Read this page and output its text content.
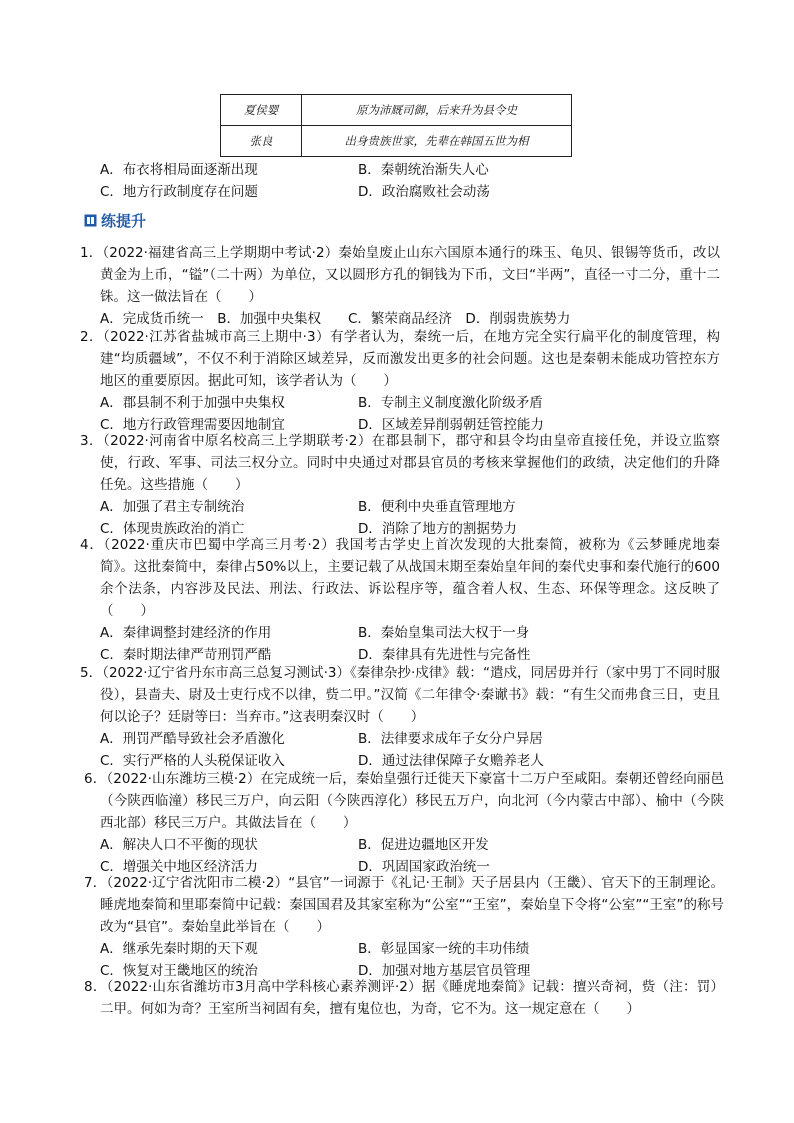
夏侯婴	原为沛厩司御，后来升为县令史
张良	出身贵族世家，先辈在韩国五世为相
A．布衣将相局面逐渐出现	B．秦朝统治渐失人心
C．地方行政制度存在问题	D．政治腐败社会动荡
练提升
1．（2022·福建省高三上学期期中考试·2）秦始皇废止山东六国原本通行的珠玉、龟贝、银锡等货币，改以黄金为上币，“镒”（二十两）为单位，又以圆形方孔的铜钱为下币，文曰“半两”，直径一寸二分，重十二铢。这一做法旨在（　　）
A．完成货币统一　B．加强中央集权　　C．繁荣商品经济　D．削弱贵族势力
2．（2022·江苏省盐城市高三上期中·3）有学者认为，秦统一后，在地方完全实行扁平化的制度管理，构建“均质疆域”，不仅不利于消除区域差异，反而激发出更多的社会问题。这也是秦朝未能成功管控东方地区的重要原因。据此可知，该学者认为（　　）
A．郡县制不利于加强中央集权	B．专制主义制度激化阶级矛盾
C．地方行政管理需要因地制宜	D．区域差异削弱朝廷管控能力
3．（2022·河南省中原名校高三上学期联考·2）在郡县制下，郡守和县令均由皇帝直接任免，并设立监察使，行政、军事、司法三权分立。同时中央通过对郡县官员的考核来掌握他们的政绩，决定他们的升降任免。这些措施（　　）
A．加强了君主专制统治	B．便利中央垂直管理地方
C．体现贵族政治的消亡	D．消除了地方的割据势力
4．（2022·重庆市巴蜀中学高三月考·2）我国考古学史上首次发现的大批秦简，被称为《云梦睡虎地秦简》。这批秦简中，秦律占50%以上，主要记载了从战国末期至秦始皇年间的秦代史事和秦代施行的600余个法条，内容涉及民法、刑法、行政法、诉讼程序等，蕴含着人权、生态、环保等理念。这反映了（　　）
A．秦律调整封建经济的作用	B．秦始皇集司法大权于一身
C．秦时期法律严苛刑罚严酷	D．秦律具有先进性与完备性
5．（2022·辽宁省丹东市高三总复习测试·3）《秦律杂抄·戍律》载：“遣戍，同居毋并行（家中男丁不同时服役），县啬夫、尉及士吏行戍不以律，赀二甲。”汉简《二年律令·秦谳书》载：“有生父而弗食三日，吏且何以论子？廷尉等曰：当弃市。”这表明秦汉时（　　）
A．刑罚严酷导致社会矛盾激化	B．法律要求成年子女分户异居
C．实行严格的人头税保证收入	D．通过法律保障子女赡养老人
6．（2022·山东潍坊三模·2）在完成统一后，秦始皇强行迁徙天下豪富十二万户至咸阳。秦朝还曾经向丽邑（今陕西临潼）移民三万户，向云阳（今陕西淳化）移民五万户，向北河（今内蒙古中部）、榆中（今陕西北部）移民三万户。其做法旨在（　　）
A．解决人口不平衡的现状	B．促进边疆地区开发
C．增强关中地区经济活力	D．巩固国家政治统一
7．（2022·辽宁省沈阳市二模·2）“县官”一词源于《礼记·王制》天子居县内（王畿）、官天下的王制理论。睡虎地秦简和里耶秦简中记载：秦国国君及其家室称为“公室”“王室”，秦始皇下令将“公室”“王室”的称号改为“县官”。秦始皇此举旨在（　　）
A．继承先秦时期的天下观	B．彰显国家一统的丰功伟绩
C．恢复对王畿地区的统治	D．加强对地方基层官员管理
8．（2022·山东省潍坊市3月高中学科核心素养测评·2）据《睡虎地秦简》记载：擅兴奇祠，赀（注：罚）二甲。何如为奇？王室所当祠固有矣，擅有鬼位也，为奇，它不为。这一规定意在（　　）
